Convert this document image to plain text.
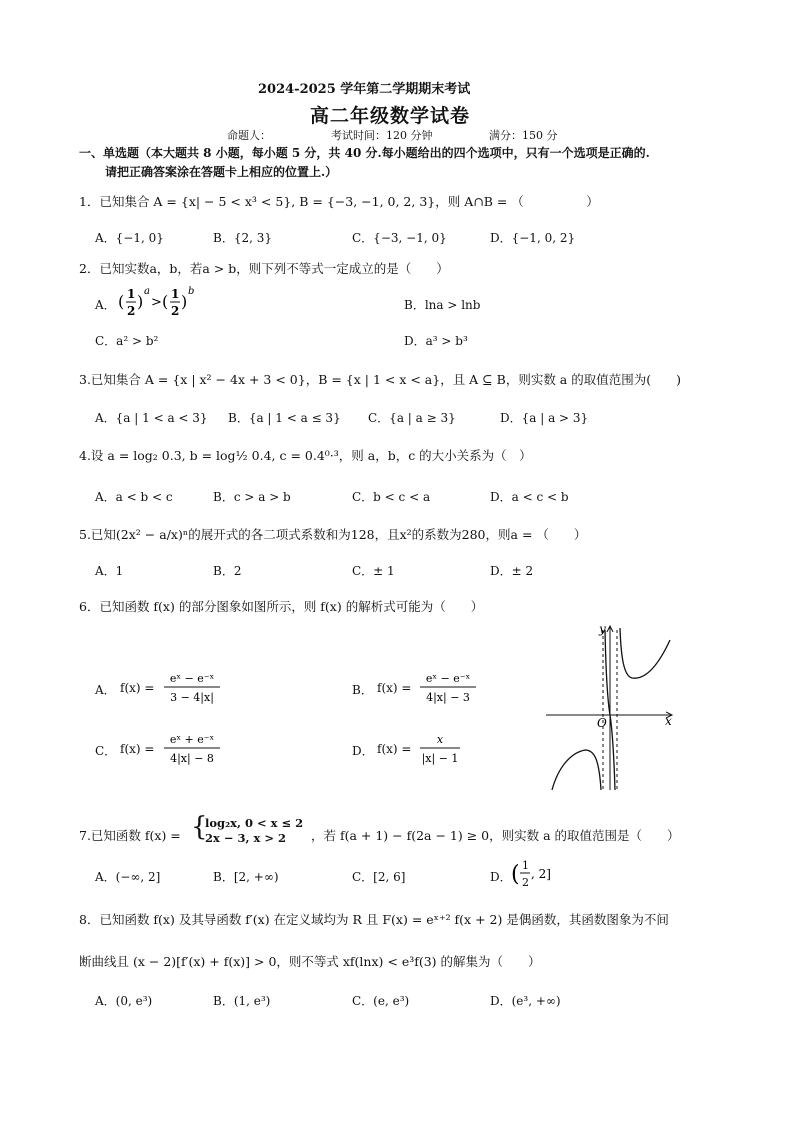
2024-2025 学年第二学期期末考试
高二年级数学试卷
命题人：	考试时间：120 分钟	满分：150 分
一、单选题（本大题共 8 小题，每小题 5 分，共 40 分.每小题给出的四个选项中，只有一个选项是正确的.
请把正确答案涂在答题卡上相应的位置上.）
1．已知集合 A = {x| − 5 < x³ < 5}, B = {−3, −1, 0, 2, 3}，则 A∩B = （　　　　　）
A．{−1, 0}	B．{2, 3}	C．{−3, −1, 0}	D．{−1, 0, 2}
2．已知实数a，b，若a > b，则下列不等式一定成立的是（　　）
A． ( 1
2 )
a
> ( 1
2 )
b
B．lna > lnb
C．a² > b²	D．a³ > b³
3.已知集合 A = {x | x² − 4x + 3 < 0}，B = {x | 1 < x < a}，且 A ⊆ B，则实数 a 的取值范围为(　　)
A．{a | 1 < a < 3} B．{a | 1 < a ≤ 3} C．{a | a ≥ 3}	D．{a | a > 3}
4.设 a = log₂ 0.3, b = log½ 0.4, c = 0.4⁰·³，则 a，b，c 的大小关系为（　）
A．a < b < c	B．c > a > b	C．b < c < a	D．a < c < b
5.已知(2x² − a/x)ⁿ的展开式的各二项式系数和为128，且x²的系数为280，则a = （　　）
A．1	B．2	C．± 1	D．± 2
6．已知函数 f(x) 的部分图象如图所示，则 f(x) 的解析式可能为（　　）
A． f(x) =
eˣ − e⁻ˣ
3 − 4|x|
B． f(x) =
eˣ − e⁻ˣ
4|x| − 3
C． f(x) =
eˣ + e⁻ˣ
4|x| − 8
D． f(x) =
x
|x| − 1
x
y
O
7.已知函数 f(x) = {
log₂x, 0 < x ≤ 2
2x − 3, x > 2 ，若 f(a + 1) − f(2a − 1) ≥ 0，则实数 a 的取值范围是（　　）
A．(−∞, 2]	B．[2, +∞)	C．[2, 6]	D． ( 1
2
, 2]
8．已知函数 f(x) 及其导函数 f′(x) 在定义域均为 R 且 F(x) = eˣ⁺² f(x + 2) 是偶函数，其函数图象为不间
断曲线且 (x − 2)[f′(x) + f(x)] > 0，则不等式 xf(lnx) < e³f(3) 的解集为（　　）
A．(0, e³)	B．(1, e³)	C．(e, e³)	D．(e³, +∞)
